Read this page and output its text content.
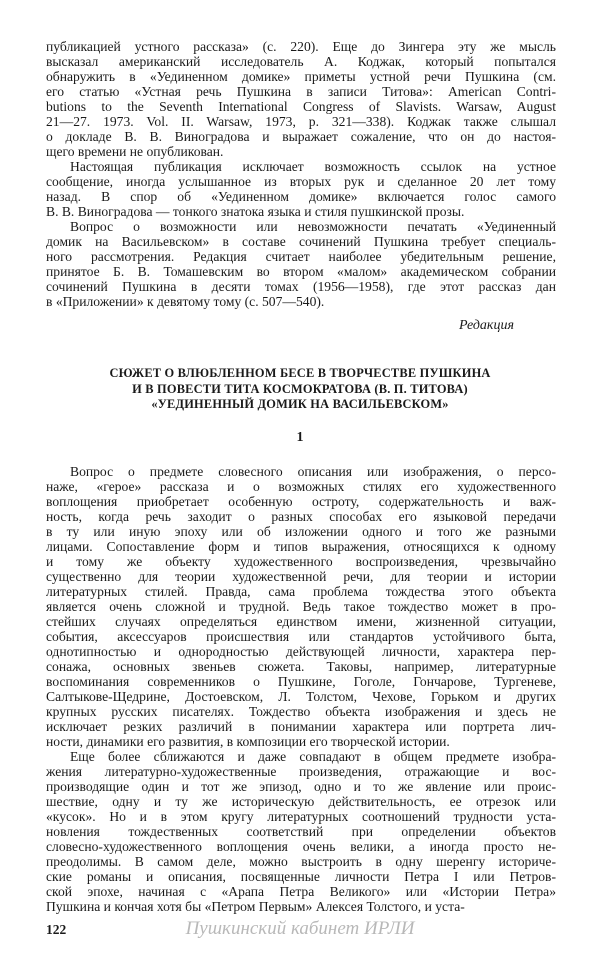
публикацией устного рассказа» (с. 220). Еще до Зингера эту же мысль
высказал американский исследователь А. Коджак, который попытался
обнаружить в «Уединенном домике» приметы устной речи Пушкина (см.
его статью «Устная речь Пушкина в записи Титова»: American Contri-
butions to the Seventh International Congress of Slavists. Warsaw, August
21—27. 1973. Vol. II. Warsaw, 1973, p. 321—338). Коджак также слышал
о докладе В. В. Виноградова и выражает сожаление, что он до настоя-
щего времени не опубликован.
Настоящая публикация исключает возможность ссылок на устное
сообщение, иногда услышанное из вторых рук и сделанное 20 лет тому
назад. В спор об «Уединенном домике» включается голос самого
В. В. Виноградова — тонкого знатока языка и стиля пушкинской прозы.
Вопрос о возможности или невозможности печатать «Уединенный
домик на Васильевском» в составе сочинений Пушкина требует специаль-
ного рассмотрения. Редакция считает наиболее убедительным решение,
принятое Б. В. Томашевским во втором «малом» академическом собрании
сочинений Пушкина в десяти томах (1956—1958), где этот рассказ дан
в «Приложении» к девятому тому (с. 507—540).
Редакция
СЮЖЕТ О ВЛЮБЛЕННОМ БЕСЕ В ТВОРЧЕСТВЕ ПУШКИНА
И В ПОВЕСТИ ТИТА КОСМОКРАТОВА (В. П. ТИТОВА)
«УЕДИНЕННЫЙ ДОМИК НА ВАСИЛЬЕВСКОМ»
1
Вопрос о предмете словесного описания или изображения, о персо-
наже, «герое» рассказа и о возможных стилях его художественного
воплощения приобретает особенную остроту, содержательность и важ-
ность, когда речь заходит о разных способах его языковой передачи
в ту или иную эпоху или об изложении одного и того же разными
лицами. Сопоставление форм и типов выражения, относящихся к одному
и тому же объекту художественного воспроизведения, чрезвычайно
существенно для теории художественной речи, для теории и истории
литературных стилей. Правда, сама проблема тождества этого объекта
является очень сложной и трудной. Ведь такое тождество может в про-
стейших случаях определяться единством имени, жизненной ситуации,
события, аксессуаров происшествия или стандартов устойчивого быта,
однотипностью и однородностью действующей личности, характера пер-
сонажа, основных звеньев сюжета. Таковы, например, литературные
воспоминания современников о Пушкине, Гоголе, Гончарове, Тургеневе,
Салтыкове-Щедрине, Достоевском, Л. Толстом, Чехове, Горьком и других
крупных русских писателях. Тождество объекта изображения и здесь не
исключает резких различий в понимании характера или портрета лич-
ности, динамики его развития, в композиции его творческой истории.
Еще более сближаются и даже совпадают в общем предмете изобра-
жения литературно-художественные произведения, отражающие и вос-
производящие один и тот же эпизод, одно и то же явление или проис-
шествие, одну и ту же историческую действительность, ее отрезок или
«кусок». Но и в этом кругу литературных соотношений трудности уста-
новления тождественных соответствий при определении объектов
словесно-художественного воплощения очень велики, а иногда просто не-
преодолимы. В самом деле, можно выстроить в одну шеренгу историче-
ские романы и описания, посвященные личности Петра I или Петров-
ской эпохе, начиная с «Арапа Петра Великого» или «Истории Петра»
Пушкина и кончая хотя бы «Петром Первым» Алексея Толстого, и уста-
122	Пушкинский кабинет ИРЛИ
